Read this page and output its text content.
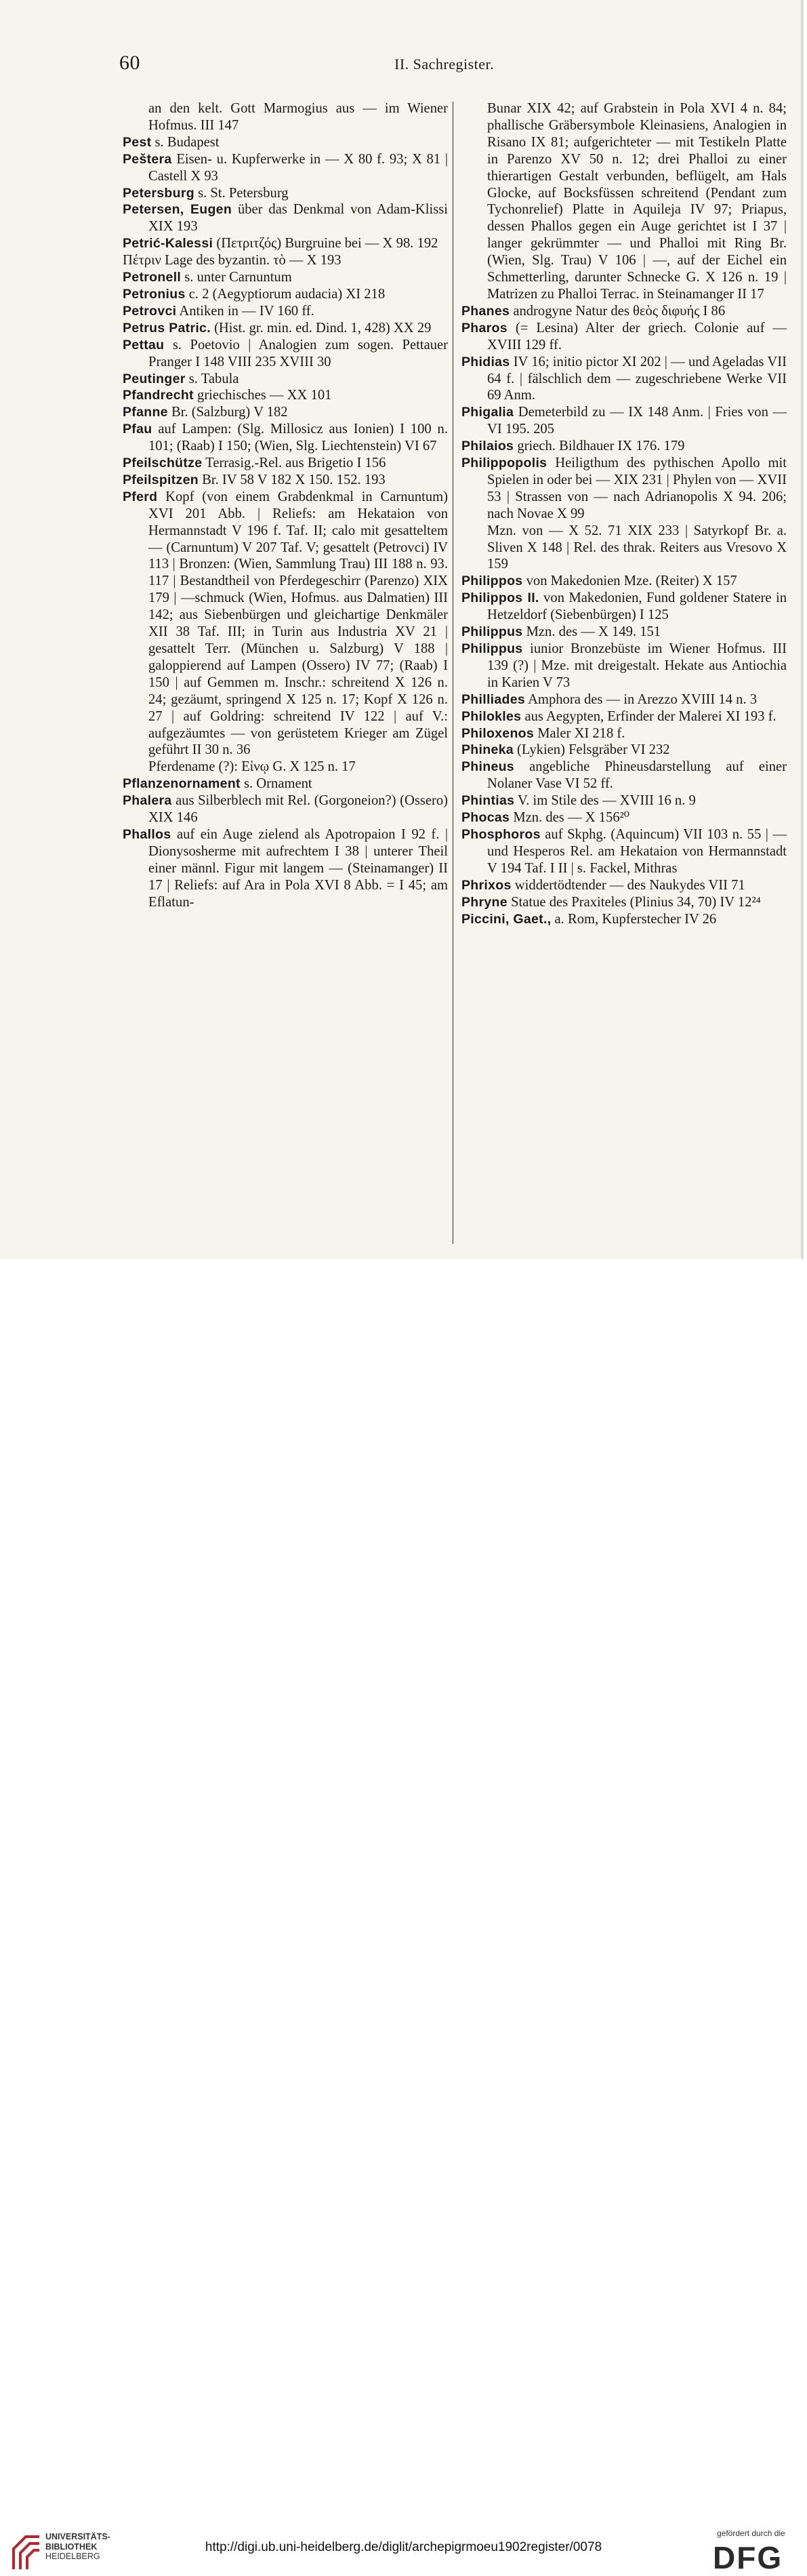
60	II. Sachregister.
an den kelt. Gott Marmogius aus — im Wiener Hofmus. III 147
Pest s. Budapest
Peštera Eisen- u. Kupferwerke in — X 80 f. 93; X 81 | Castell X 93
Petersburg s. St. Petersburg
Petersen, Eugen über das Denkmal von Adam-Klissi XIX 193
Petrić-Kalessi (Πετριτζός) Burgruine bei — X 98. 192
Πέτριν Lage des byzantin. τὸ — X 193
Petronell s. unter Carnuntum
Petronius c. 2 (Aegyptiorum audacia) XI 218
Petrovci Antiken in — IV 160 ff.
Petrus Patric. (Hist. gr. min. ed. Dind. 1, 428) XX 29
Pettau s. Poetovio | Analogien zum sogen. Pettauer Pranger I 148 VIII 235 XVIII 30
Peutinger s. Tabula
Pfandrecht griechisches — XX 101
Pfanne Br. (Salzburg) V 182
Pfau auf Lampen: (Slg. Millosicz aus Ionien) I 100 n. 101; (Raab) I 150; (Wien, Slg. Liechtenstein) VI 67
Pfeilschütze Terrasig.-Rel. aus Brigetio I 156
Pfeilspitzen Br. IV 58 V 182 X 150. 152. 193
Pferd Kopf (von einem Grabdenkmal in Carnuntum) XVI 201 Abb. | Reliefs: am Hekataion von Hermannstadt V 196 f. Taf. II; calo mit gesatteltem — (Carnuntum) V 207 Taf. V; gesattelt (Petrovci) IV 113 | Bronzen: (Wien, Sammlung Trau) III 188 n. 93. 117 | Bestandtheil von Pferdegeschirr (Parenzo) XIX 179 | —schmuck (Wien, Hofmus. aus Dalmatien) III 142; aus Siebenbürgen und gleichartige Denkmäler XII 38 Taf. III; in Turin aus Industria XV 21 | gesattelt Terr. (München u. Salzburg) V 188 | galoppierend auf Lampen (Ossero) IV 77; (Raab) I 150 | auf Gemmen m. Inschr.: schreitend X 126 n. 24; gezäumt, springend X 125 n. 17; Kopf X 126 n. 27 | auf Goldring: schreitend IV 122 | auf V.: aufgezäumtes — von gerüstetem Krieger am Zügel geführt II 30 n. 36
Pferdename (?): Εἰνῳ G. X 125 n. 17
Pflanzenornament s. Ornament
Phalera aus Silberblech mit Rel. (Gorgoneion?) (Ossero) XIX 146
Phallos auf ein Auge zielend als Apotropaion I 92 f. | Dionysosherme mit aufrechtem I 38 | unterer Theil einer männl. Figur mit langem — (Steinamanger) II 17 | Reliefs: auf Ara in Pola XVI 8 Abb. = I 45; am Eflatun-
Bunar XIX 42; auf Grabstein in Pola XVI 4 n. 84; phallische Gräbersymbole Kleinasiens, Analogien in Risano IX 81; aufgerichteter — mit Testikeln Platte in Parenzo XV 50 n. 12; drei Phalloi zu einer thierartigen Gestalt verbunden, beflügelt, am Hals Glocke, auf Bocksfüssen schreitend (Pendant zum Tychonrelief) Platte in Aquileja IV 97; Priapus, dessen Phallos gegen ein Auge gerichtet ist I 37 | langer gekrümmter — und Phalloi mit Ring Br. (Wien, Slg. Trau) V 106 | —, auf der Eichel ein Schmetterling, darunter Schnecke G. X 126 n. 19 | Matrizen zu Phalloi Terrac. in Steinamanger II 17
Phanes androgyne Natur des θεὸς διφυής I 86
Pharos (= Lesina) Alter der griech. Colonie auf — XVIII 129 ff.
Phidias IV 16; initio pictor XI 202 | — und Ageladas VII 64 f. | fälschlich dem — zugeschriebene Werke VII 69 Anm.
Phigalia Demeterbild zu — IX 148 Anm. | Fries von — VI 195. 205
Philaios griech. Bildhauer IX 176. 179
Philippopolis Heiligthum des pythischen Apollo mit Spielen in oder bei — XIX 231 | Phylen von — XVII 53 | Strassen von — nach Adrianopolis X 94. 206; nach Novae X 99
Mzn. von — X 52. 71 XIX 233 | Satyrkopf Br. a. Sliven X 148 | Rel. des thrak. Reiters aus Vresovo X 159
Philippos von Makedonien Mze. (Reiter) X 157
Philippos II. von Makedonien, Fund goldener Statere in Hetzeldorf (Siebenbürgen) I 125
Philippus Mzn. des — X 149. 151
Philippus iunior Bronzebüste im Wiener Hofmus. III 139 (?) | Mze. mit dreigestalt. Hekate aus Antiochia in Karien V 73
Philliades Amphora des — in Arezzo XVIII 14 n. 3
Philokles aus Aegypten, Erfinder der Malerei XI 193 f.
Philoxenos Maler XI 218 f.
Phineka (Lykien) Felsgräber VI 232
Phineus angebliche Phineusdarstellung auf einer Nolaner Vase VI 52 ff.
Phintias V. im Stile des — XVIII 16 n. 9
Phocas Mzn. des — X 156²⁰
Phosphoros auf Skphg. (Aquincum) VII 103 n. 55 | — und Hesperos Rel. am Hekataion von Hermannstadt V 194 Taf. I II | s. Fackel, Mithras
Phrixos widdertödtender — des Naukydes VII 71
Phryne Statue des Praxiteles (Plinius 34, 70) IV 12²⁴
Piccini, Gaet., a. Rom, Kupferstecher IV 26
UNIVERSITÄTS-
BIBLIOTHEK
HEIDELBERG
http://digi.ub.uni-heidelberg.de/diglit/archepigrmoeu1902register/0078
gefördert durch die
DFG
